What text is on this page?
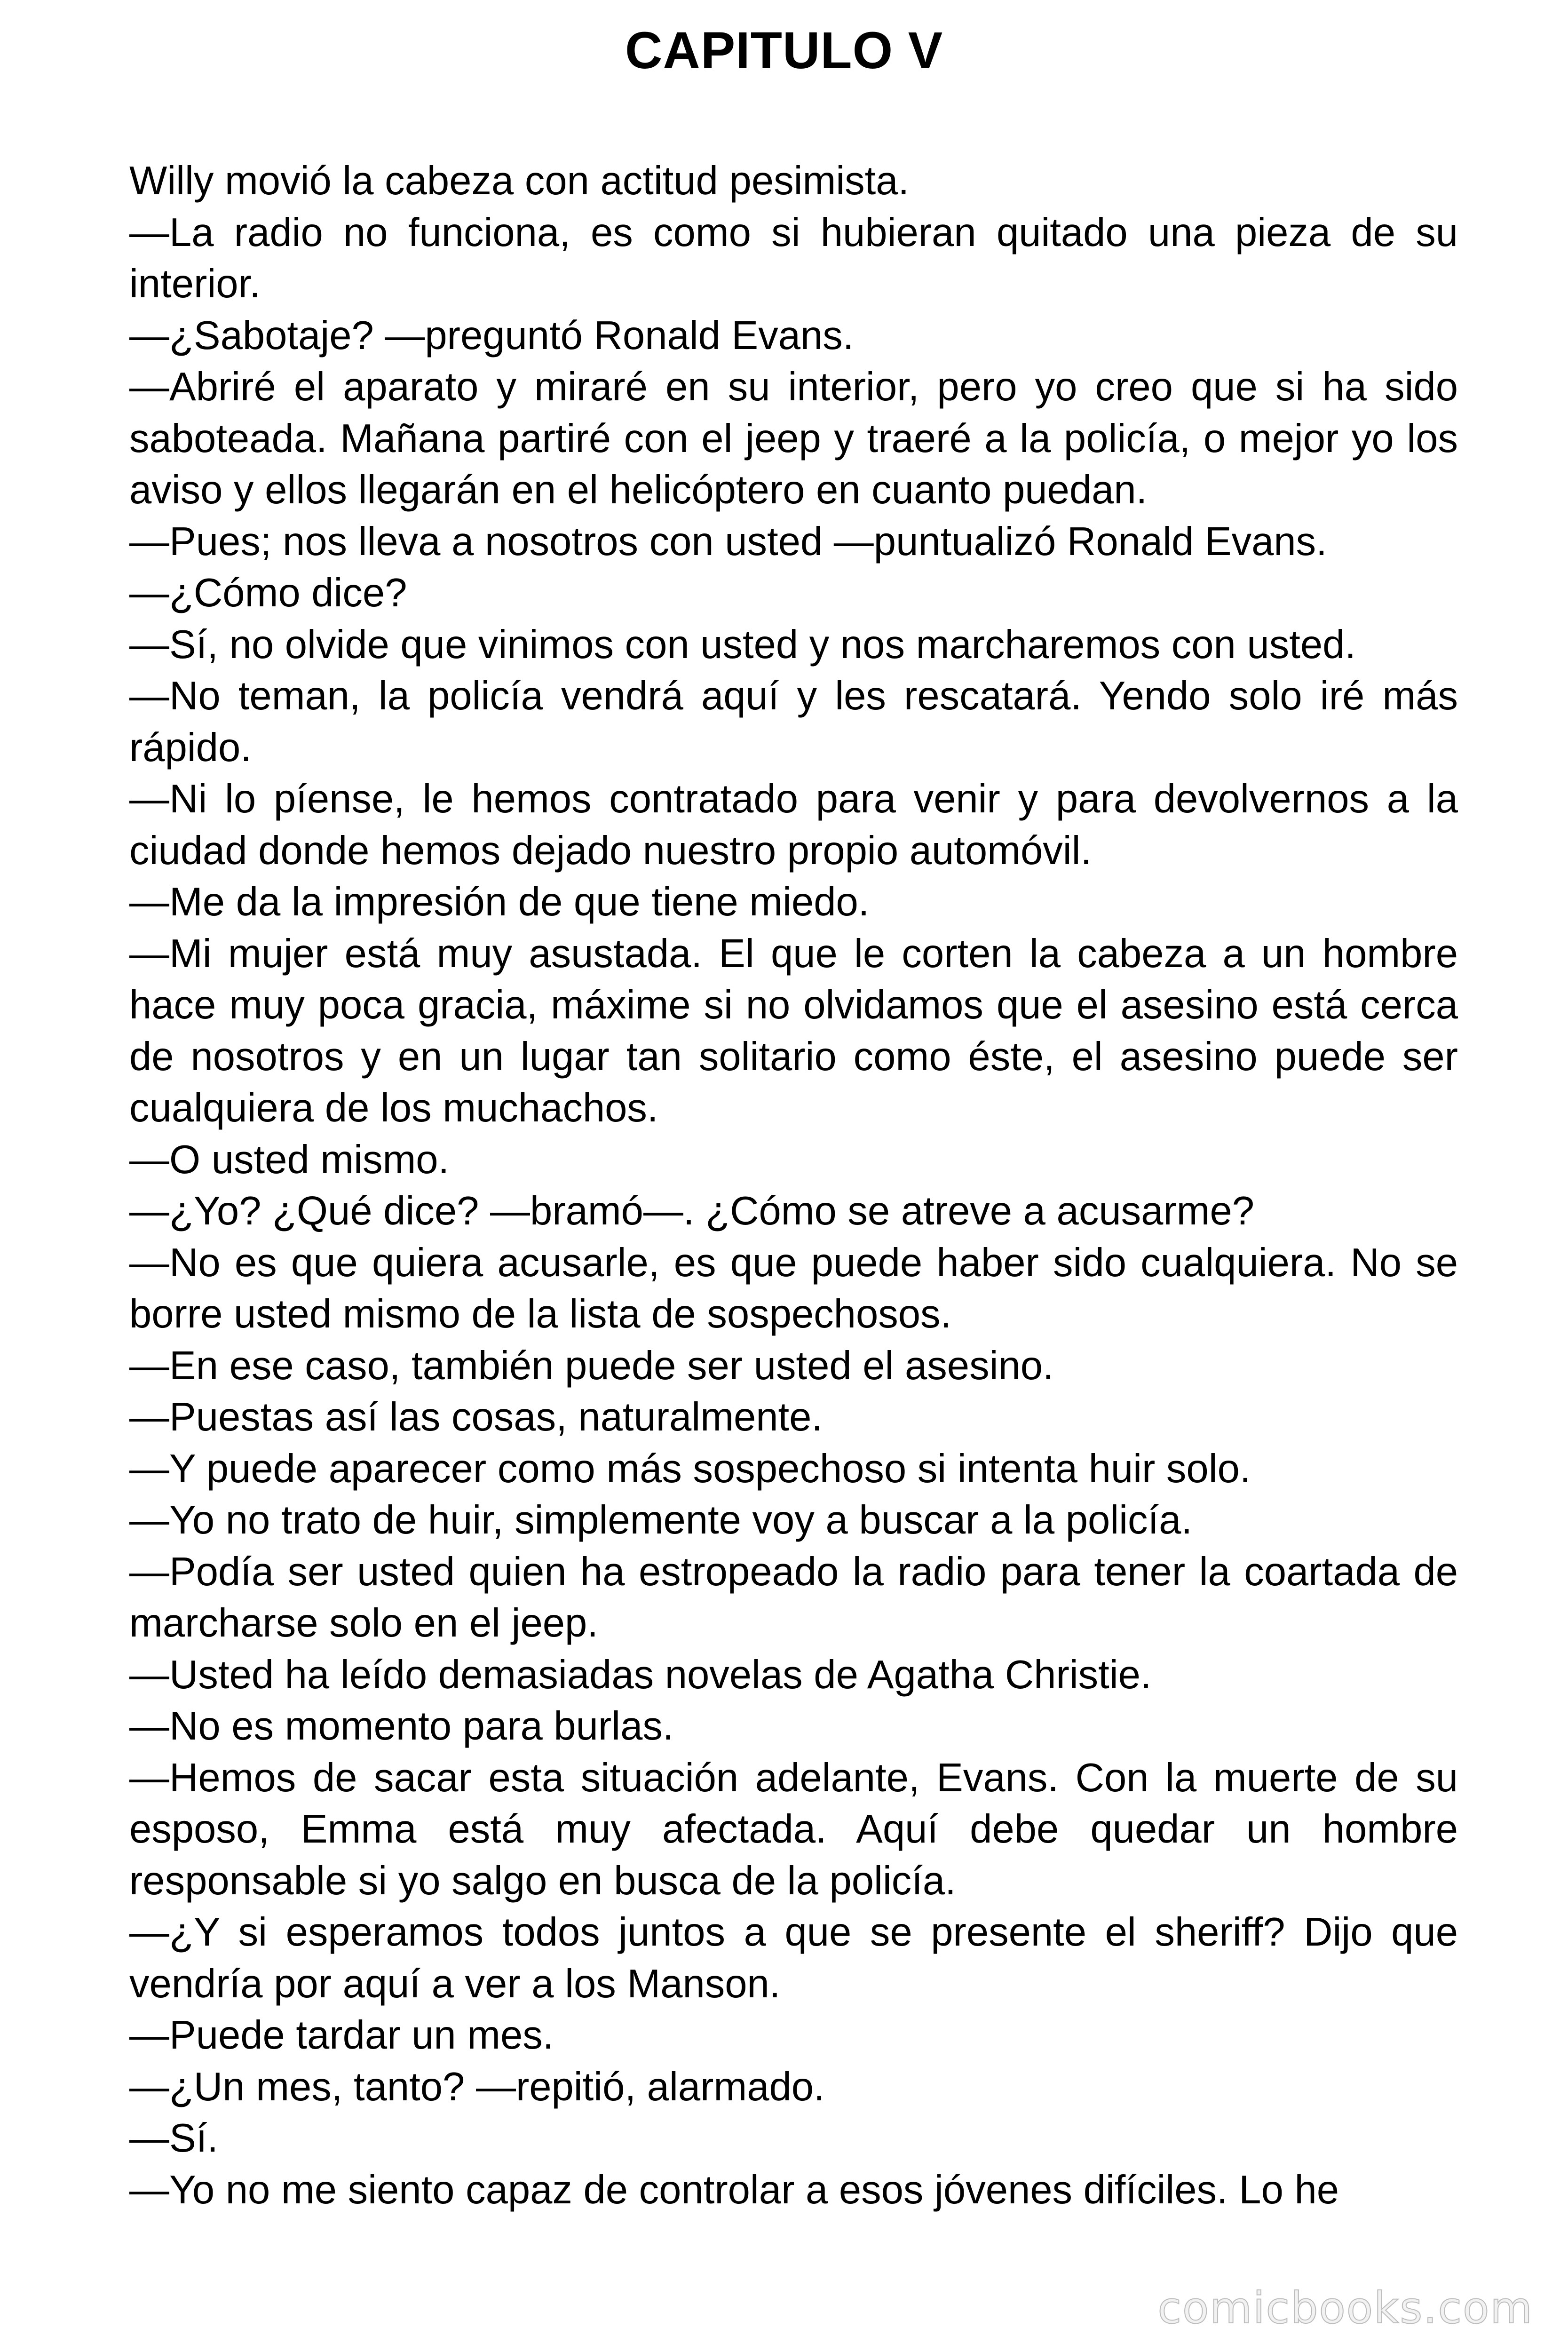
CAPITULO V

Willy movió la cabeza con actitud pesimista.

—La radio no funciona, es como si hubieran quitado una pieza de su interior.

—¿Sabotaje? —preguntó Ronald Evans.

—Abriré el aparato y miraré en su interior, pero yo creo que si ha sido saboteada. Mañana partiré con el jeep y traeré a la policía, o mejor yo los aviso y ellos llegarán en el helicóptero en cuanto puedan.

—Pues; nos lleva a nosotros con usted —puntualizó Ronald Evans.

—¿Cómo dice?

—Sí, no olvide que vinimos con usted y nos marcharemos con usted.

—No teman, la policía vendrá aquí y les rescatará. Yendo solo iré más rápido.

—Ni lo píense, le hemos contratado para venir y para devolvernos a la ciudad donde hemos dejado nuestro propio automóvil.

—Me da la impresión de que tiene miedo.

—Mi mujer está muy asustada. El que le corten la cabeza a un hombre hace muy poca gracia, máxime si no olvidamos que el asesino está cerca de nosotros y en un lugar tan solitario como éste, el asesino puede ser cualquiera de los muchachos.

—O usted mismo.

—¿Yo? ¿Qué dice? —bramó—. ¿Cómo se atreve a acusarme?

—No es que quiera acusarle, es que puede haber sido cualquiera. No se borre usted mismo de la lista de sospechosos.

—En ese caso, también puede ser usted el asesino.

—Puestas así las cosas, naturalmente.

—Y puede aparecer como más sospechoso si intenta huir solo.

—Yo no trato de huir, simplemente voy a buscar a la policía.

—Podía ser usted quien ha estropeado la radio para tener la coartada de marcharse solo en el jeep.

—Usted ha leído demasiadas novelas de Agatha Christie.

—No es momento para burlas.

—Hemos de sacar esta situación adelante, Evans. Con la muerte de su esposo, Emma está muy afectada. Aquí debe quedar un hombre responsable si yo salgo en busca de la policía.

—¿Y si esperamos todos juntos a que se presente el sheriff? Dijo que vendría por aquí a ver a los Manson.

—Puede tardar un mes.

—¿Un mes, tanto? —repitió, alarmado.

—Sí.

—Yo no me siento capaz de controlar a esos jóvenes difíciles. Lo he

comicbooks.com
